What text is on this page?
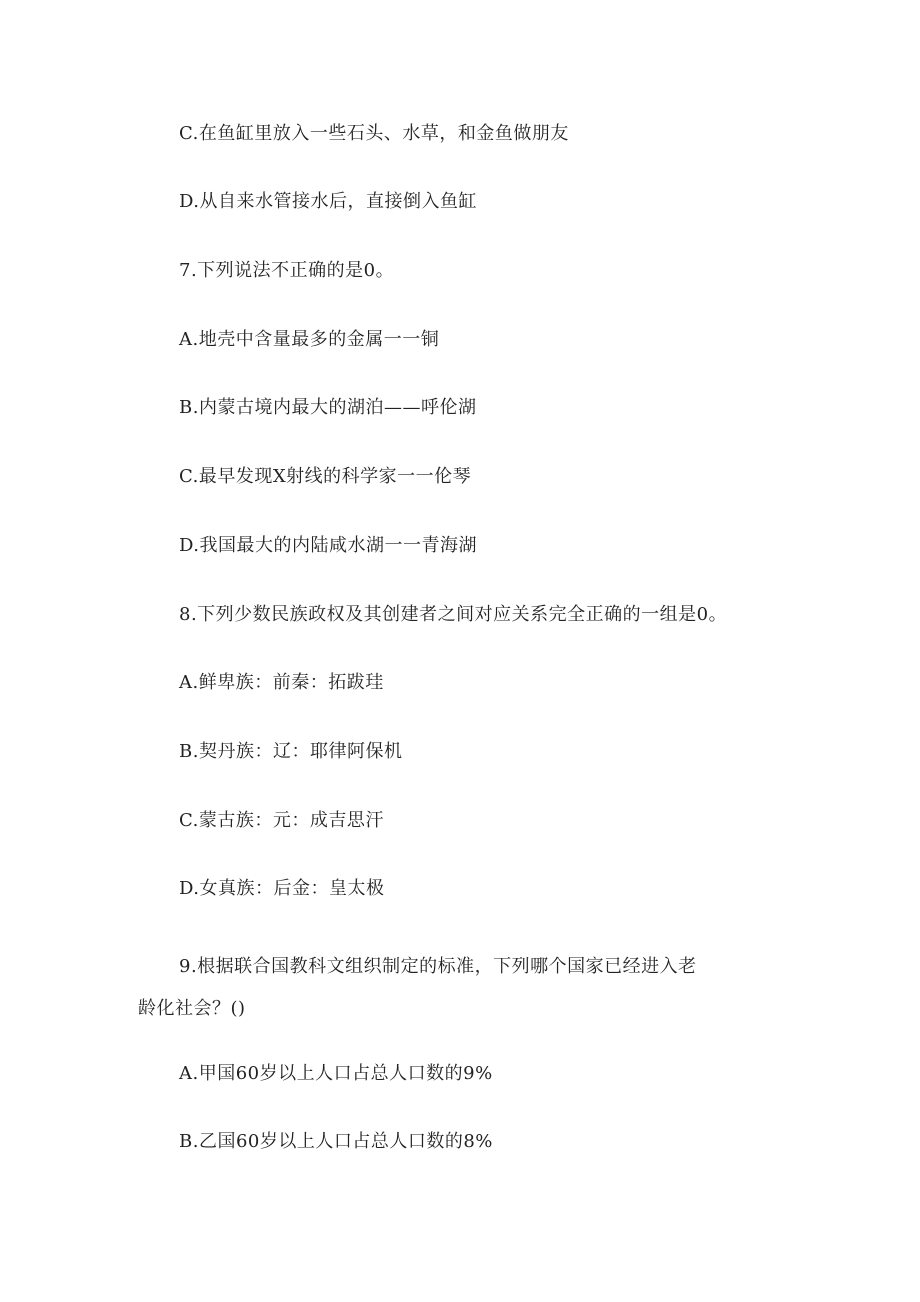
C.在鱼缸里放入一些石头、水草，和金鱼做朋友
D.从自来水管接水后，直接倒入鱼缸
7.下列说法不正确的是0。
A.地壳中含量最多的金属一一铜
B.内蒙古境内最大的湖泊——呼伦湖
C.最早发现X射线的科学家一一伦琴
D.我国最大的内陆咸水湖一一青海湖
8.下列少数民族政权及其创建者之间对应关系完全正确的一组是0。
A.鲜卑族：前秦：拓跋珪
B.契丹族：辽：耶律阿保机
C.蒙古族：元：成吉思汗
D.女真族：后金：皇太极
9.根据联合国教科文组织制定的标准，下列哪个国家已经进入老
龄化社会？()
A.甲国60岁以上人口占总人口数的9%
B.乙国60岁以上人口占总人口数的8%
